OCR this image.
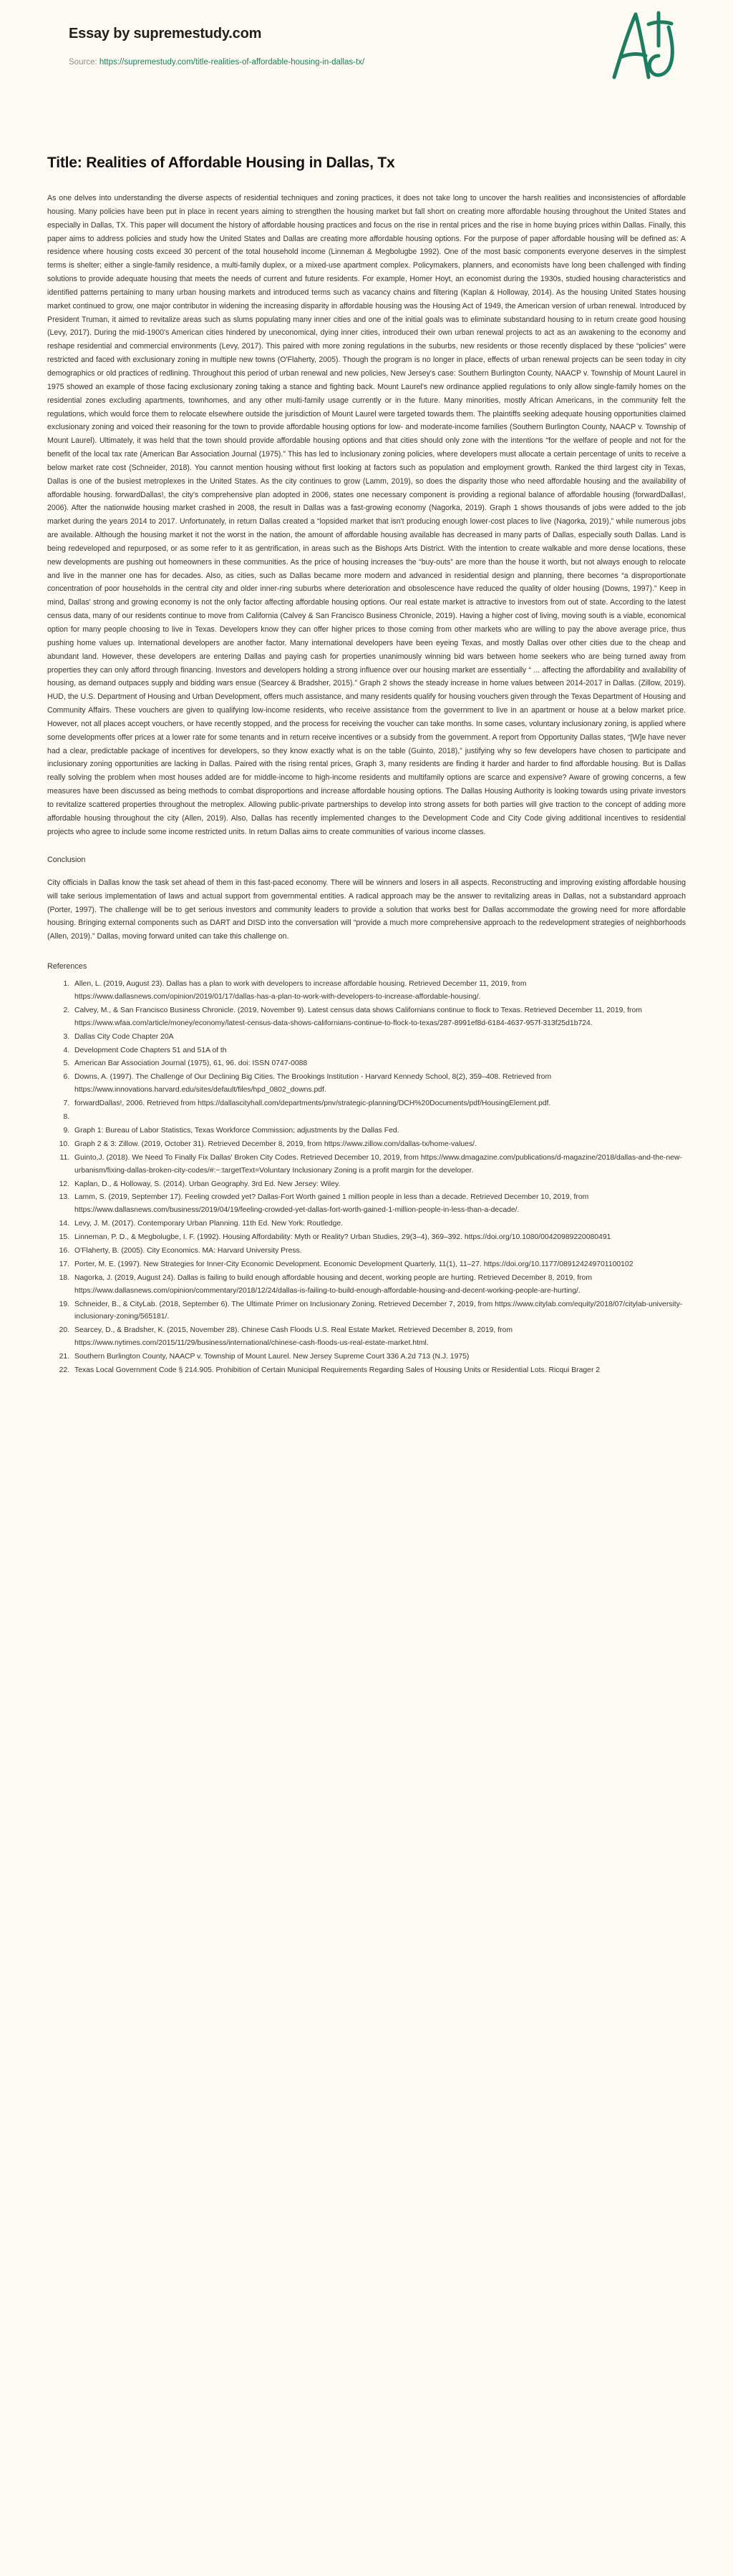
Essay by supremestudy.com
Source: https://supremestudy.com/title-realities-of-affordable-housing-in-dallas-tx/
Title: Realities of Affordable Housing in Dallas, Tx

As one delves into understanding the diverse aspects of residential techniques and zoning practices, it does not take long to uncover the harsh realities and inconsistencies of affordable housing. Many policies have been put in place in recent years aiming to strengthen the housing market but fall short on creating more affordable housing throughout the United States and especially in Dallas, TX. This paper will document the history of affordable housing practices and focus on the rise in rental prices and the rise in home buying prices within Dallas. Finally, this paper aims to address policies and study how the United States and Dallas are creating more affordable housing options. For the purpose of paper affordable housing will be defined as: A residence where housing costs exceed 30 percent of the total household income (Linneman & Megbolugbe 1992). One of the most basic components everyone deserves in the simplest terms is shelter; either a single-family residence, a multi-family duplex, or a mixed-use apartment complex. Policymakers, planners, and economists have long been challenged with finding solutions to provide adequate housing that meets the needs of current and future residents. For example, Homer Hoyt, an economist during the 1930s, studied housing characteristics and identified patterns pertaining to many urban housing markets and introduced terms such as vacancy chains and filtering (Kaplan & Holloway, 2014). As the housing United States housing market continued to grow, one major contributor in widening the increasing disparity in affordable housing was the Housing Act of 1949, the American version of urban renewal. Introduced by President Truman, it aimed to revitalize areas such as slums populating many inner cities and one of the initial goals was to eliminate substandard housing to in return create good housing (Levy, 2017). During the mid-1900's American cities hindered by uneconomical, dying inner cities, introduced their own urban renewal projects to act as an awakening to the economy and reshape residential and commercial environments (Levy, 2017). This paired with more zoning regulations in the suburbs, new residents or those recently displaced by these “policies” were restricted and faced with exclusionary zoning in multiple new towns (O'Flaherty, 2005). Though the program is no longer in place, effects of urban renewal projects can be seen today in city demographics or old practices of redlining. Throughout this period of urban renewal and new policies, New Jersey's case: Southern Burlington County, NAACP v. Township of Mount Laurel in 1975 showed an example of those facing exclusionary zoning taking a stance and fighting back. Mount Laurel's new ordinance applied regulations to only allow single-family homes on the residential zones excluding apartments, townhomes, and any other multi-family usage currently or in the future. Many minorities, mostly African Americans, in the community felt the regulations, which would force them to relocate elsewhere outside the jurisdiction of Mount Laurel were targeted towards them. The plaintiffs seeking adequate housing opportunities claimed exclusionary zoning and voiced their reasoning for the town to provide affordable housing options for low- and moderate-income families (Southern Burlington County, NAACP v. Township of Mount Laurel). Ultimately, it was held that the town should provide affordable housing options and that cities should only zone with the intentions “for the welfare of people and not for the benefit of the local tax rate (American Bar Association Journal (1975).” This has led to inclusionary zoning policies, where developers must allocate a certain percentage of units to receive a below market rate cost (Schneider, 2018). You cannot mention housing without first looking at factors such as population and employment growth. Ranked the third largest city in Texas, Dallas is one of the busiest metroplexes in the United States. As the city continues to grow (Lamm, 2019), so does the disparity those who need affordable housing and the availability of affordable housing. forwardDallas!, the city's comprehensive plan adopted in 2006, states one necessary component is providing a regional balance of affordable housing (forwardDallas!, 2006). After the nationwide housing market crashed in 2008, the result in Dallas was a fast-growing economy (Nagorka, 2019). Graph 1 shows thousands of jobs were added to the job market during the years 2014 to 2017. Unfortunately, in return Dallas created a “lopsided market that isn't producing enough lower-cost places to live (Nagorka, 2019),” while numerous jobs are available. Although the housing market it not the worst in the nation, the amount of affordable housing available has decreased in many parts of Dallas, especially south Dallas. Land is being redeveloped and repurposed, or as some refer to it as gentrification, in areas such as the Bishops Arts District. With the intention to create walkable and more dense locations, these new developments are pushing out homeowners in these communities. As the price of housing increases the “buy-outs” are more than the house it worth, but not always enough to relocate and live in the manner one has for decades. Also, as cities, such as Dallas became more modern and advanced in residential design and planning, there becomes “a disproportionate concentration of poor households in the central city and older inner-ring suburbs where deterioration and obsolescence have reduced the quality of older housing (Downs, 1997).” Keep in mind, Dallas' strong and growing economy is not the only factor affecting affordable housing options. Our real estate market is attractive to investors from out of state. According to the latest census data, many of our residents continue to move from California (Calvey & San Francisco Business Chronicle, 2019). Having a higher cost of living, moving south is a viable, economical option for many people choosing to live in Texas. Developers know they can offer higher prices to those coming from other markets who are willing to pay the above average price, thus pushing home values up. International developers are another factor. Many international developers have been eyeing Texas, and mostly Dallas over other cities due to the cheap and abundant land. However, these developers are entering Dallas and paying cash for properties unanimously winning bid wars between home seekers who are being turned away from properties they can only afford through financing. Investors and developers holding a strong influence over our housing market are essentially “ ... affecting the affordability and availability of housing, as demand outpaces supply and bidding wars ensue (Searcey & Bradsher, 2015).” Graph 2 shows the steady increase in home values between 2014-2017 in Dallas. (Zillow, 2019). HUD, the U.S. Department of Housing and Urban Development, offers much assistance, and many residents qualify for housing vouchers given through the Texas Department of Housing and Community Affairs. These vouchers are given to qualifying low-income residents, who receive assistance from the government to live in an apartment or house at a below market price. However, not all places accept vouchers, or have recently stopped, and the process for receiving the voucher can take months. In some cases, voluntary inclusionary zoning, is applied where some developments offer prices at a lower rate for some tenants and in return receive incentives or a subsidy from the government. A report from Opportunity Dallas states, “[W]e have never had a clear, predictable package of incentives for developers, so they know exactly what is on the table (Guinto, 2018),” justifying why so few developers have chosen to participate and inclusionary zoning opportunities are lacking in Dallas. Paired with the rising rental prices, Graph 3, many residents are finding it harder and harder to find affordable housing. But is Dallas really solving the problem when most houses added are for middle-income to high-income residents and multifamily options are scarce and expensive? Aware of growing concerns, a few measures have been discussed as being methods to combat disproportions and increase affordable housing options. The Dallas Housing Authority is looking towards using private investors to revitalize scattered properties throughout the metroplex. Allowing public-private partnerships to develop into strong assets for both parties will give traction to the concept of adding more affordable housing throughout the city (Allen, 2019). Also, Dallas has recently implemented changes to the Development Code and City Code giving additional incentives to residential projects who agree to include some income restricted units. In return Dallas aims to create communities of various income classes.

Conclusion

City officials in Dallas know the task set ahead of them in this fast-paced economy. There will be winners and losers in all aspects. Reconstructing and improving existing affordable housing will take serious implementation of laws and actual support from governmental entities. A radical approach may be the answer to revitalizing areas in Dallas, not a substandard approach (Porter, 1997). The challenge will be to get serious investors and community leaders to provide a solution that works best for Dallas accommodate the growing need for more affordable housing. Bringing external components such as DART and DISD into the conversation will “provide a much more comprehensive approach to the redevelopment strategies of neighborhoods (Allen, 2019).” Dallas, moving forward united can take this challenge on.

References
1. Allen, L. (2019, August 23). Dallas has a plan to work with developers to increase affordable housing. Retrieved December 11, 2019, from https://www.dallasnews.com/opinion/2019/01/17/dallas-has-a-plan-to-work-with-developers-to-increase-affordable-housing/.
2. Calvey, M., & San Francisco Business Chronicle. (2019, November 9). Latest census data shows Californians continue to flock to Texas. Retrieved December 11, 2019, from https://www.wfaa.com/article/money/economy/latest-census-data-shows-californians-continue-to-flock-to-texas/287-8991ef8d-6184-4637-957f-313f25d1b724.
3. Dallas City Code Chapter 20A
4. Development Code Chapters 51 and 51A of th
5. American Bar Association Journal (1975), 61, 96. doi: ISSN 0747-0088
6. Downs, A. (1997). The Challenge of Our Declining Big Cities. The Brookings Institution - Harvard Kennedy School, 8(2), 359–408. Retrieved from https://www.innovations.harvard.edu/sites/default/files/hpd_0802_downs.pdf.
7. forwardDallas!, 2006. Retrieved from https://dallascityhall.com/departments/pnv/strategic-planning/DCH%20Documents/pdf/HousingElement.pdf.
8.
9. Graph 1: Bureau of Labor Statistics, Texas Workforce Commission; adjustments by the Dallas Fed.
10. Graph 2 & 3: Zillow. (2019, October 31). Retrieved December 8, 2019, from https://www.zillow.com/dallas-tx/home-values/.
11. Guinto,J. (2018). We Need To Finally Fix Dallas' Broken City Codes. Retrieved December 10, 2019, from https://www.dmagazine.com/publications/d-magazine/2018/dallas-and-the-new-urbanism/fixing-dallas-broken-city-codes/#:~:targetText=Voluntary Inclusionary Zoning is a profit margin for the developer.
12. Kaplan, D., & Holloway, S. (2014). Urban Geography. 3rd Ed. New Jersey: Wiley.
13. Lamm, S. (2019, September 17). Feeling crowded yet? Dallas-Fort Worth gained 1 million people in less than a decade. Retrieved December 10, 2019, from https://www.dallasnews.com/business/2019/04/19/feeling-crowded-yet-dallas-fort-worth-gained-1-million-people-in-less-than-a-decade/.
14. Levy, J. M. (2017). Contemporary Urban Planning. 11th Ed. New York: Routledge.
15. Linneman, P. D., & Megbolugbe, I. F. (1992). Housing Affordability: Myth or Reality? Urban Studies, 29(3–4), 369–392. https://doi.org/10.1080/00420989220080491
16. O'Flaherty, B. (2005). City Economics. MA: Harvard University Press.
17. Porter, M. E. (1997). New Strategies for Inner-City Economic Development. Economic Development Quarterly, 11(1), 11–27. https://doi.org/10.1177/089124249701100102
18. Nagorka, J. (2019, August 24). Dallas is failing to build enough affordable housing and decent, working people are hurting. Retrieved December 8, 2019, from https://www.dallasnews.com/opinion/commentary/2018/12/24/dallas-is-failing-to-build-enough-affordable-housing-and-decent-working-people-are-hurting/.
19. Schneider, B., & CityLab. (2018, September 6). The Ultimate Primer on Inclusionary Zoning. Retrieved December 7, 2019, from https://www.citylab.com/equity/2018/07/citylab-university-inclusionary-zoning/565181/.
20. Searcey, D., & Bradsher, K. (2015, November 28). Chinese Cash Floods U.S. Real Estate Market. Retrieved December 8, 2019, from https://www.nytimes.com/2015/11/29/business/international/chinese-cash-floods-us-real-estate-market.html.
21. Southern Burlington County, NAACP v. Township of Mount Laurel. New Jersey Supreme Court 336 A.2d 713 (N.J. 1975)
22. Texas Local Government Code § 214.905. Prohibition of Certain Municipal Requirements Regarding Sales of Housing Units or Residential Lots. Ricqui Brager 2
